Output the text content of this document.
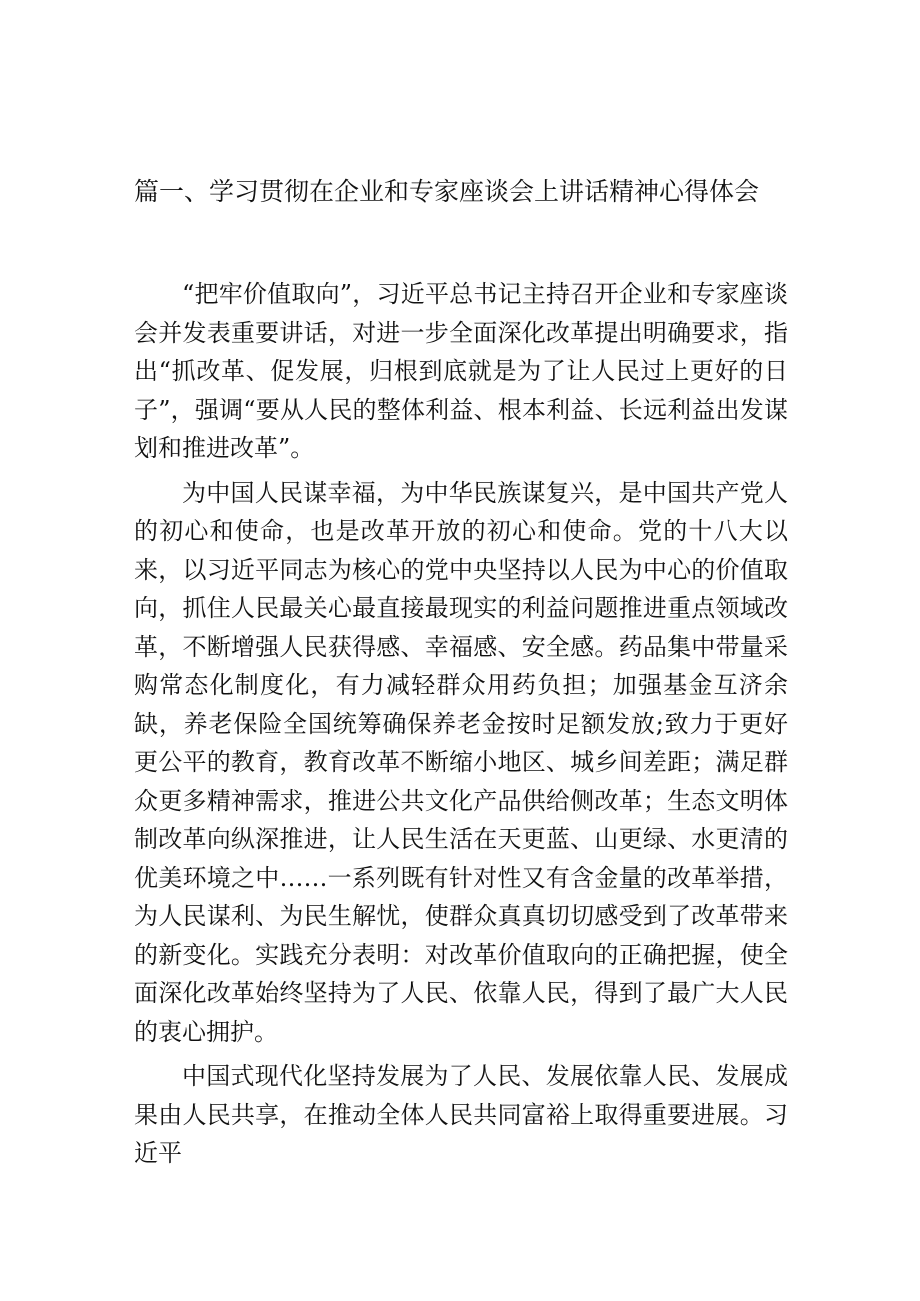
篇一、学习贯彻在企业和专家座谈会上讲话精神心得体会

“把牢价值取向”，习近平总书记主持召开企业和专家座谈会并发表重要讲话，对进一步全面深化改革提出明确要求，指出“抓改革、促发展，归根到底就是为了让人民过上更好的日子”，强调“要从人民的整体利益、根本利益、长远利益出发谋划和推进改革”。

为中国人民谋幸福，为中华民族谋复兴，是中国共产党人的初心和使命，也是改革开放的初心和使命。党的十八大以来，以习近平同志为核心的党中央坚持以人民为中心的价值取向，抓住人民最关心最直接最现实的利益问题推进重点领域改革，不断增强人民获得感、幸福感、安全感。药品集中带量采购常态化制度化，有力减轻群众用药负担；加强基金互济余缺，养老保险全国统筹确保养老金按时足额发放;致力于更好更公平的教育，教育改革不断缩小地区、城乡间差距；满足群众更多精神需求，推进公共文化产品供给侧改革；生态文明体制改革向纵深推进，让人民生活在天更蓝、山更绿、水更清的优美环境之中……一系列既有针对性又有含金量的改革举措，为人民谋利、为民生解忧，使群众真真切切感受到了改革带来的新变化。实践充分表明：对改革价值取向的正确把握，使全面深化改革始终坚持为了人民、依靠人民，得到了最广大人民的衷心拥护。

中国式现代化坚持发展为了人民、发展依靠人民、发展成果由人民共享，在推动全体人民共同富裕上取得重要进展。习近平
